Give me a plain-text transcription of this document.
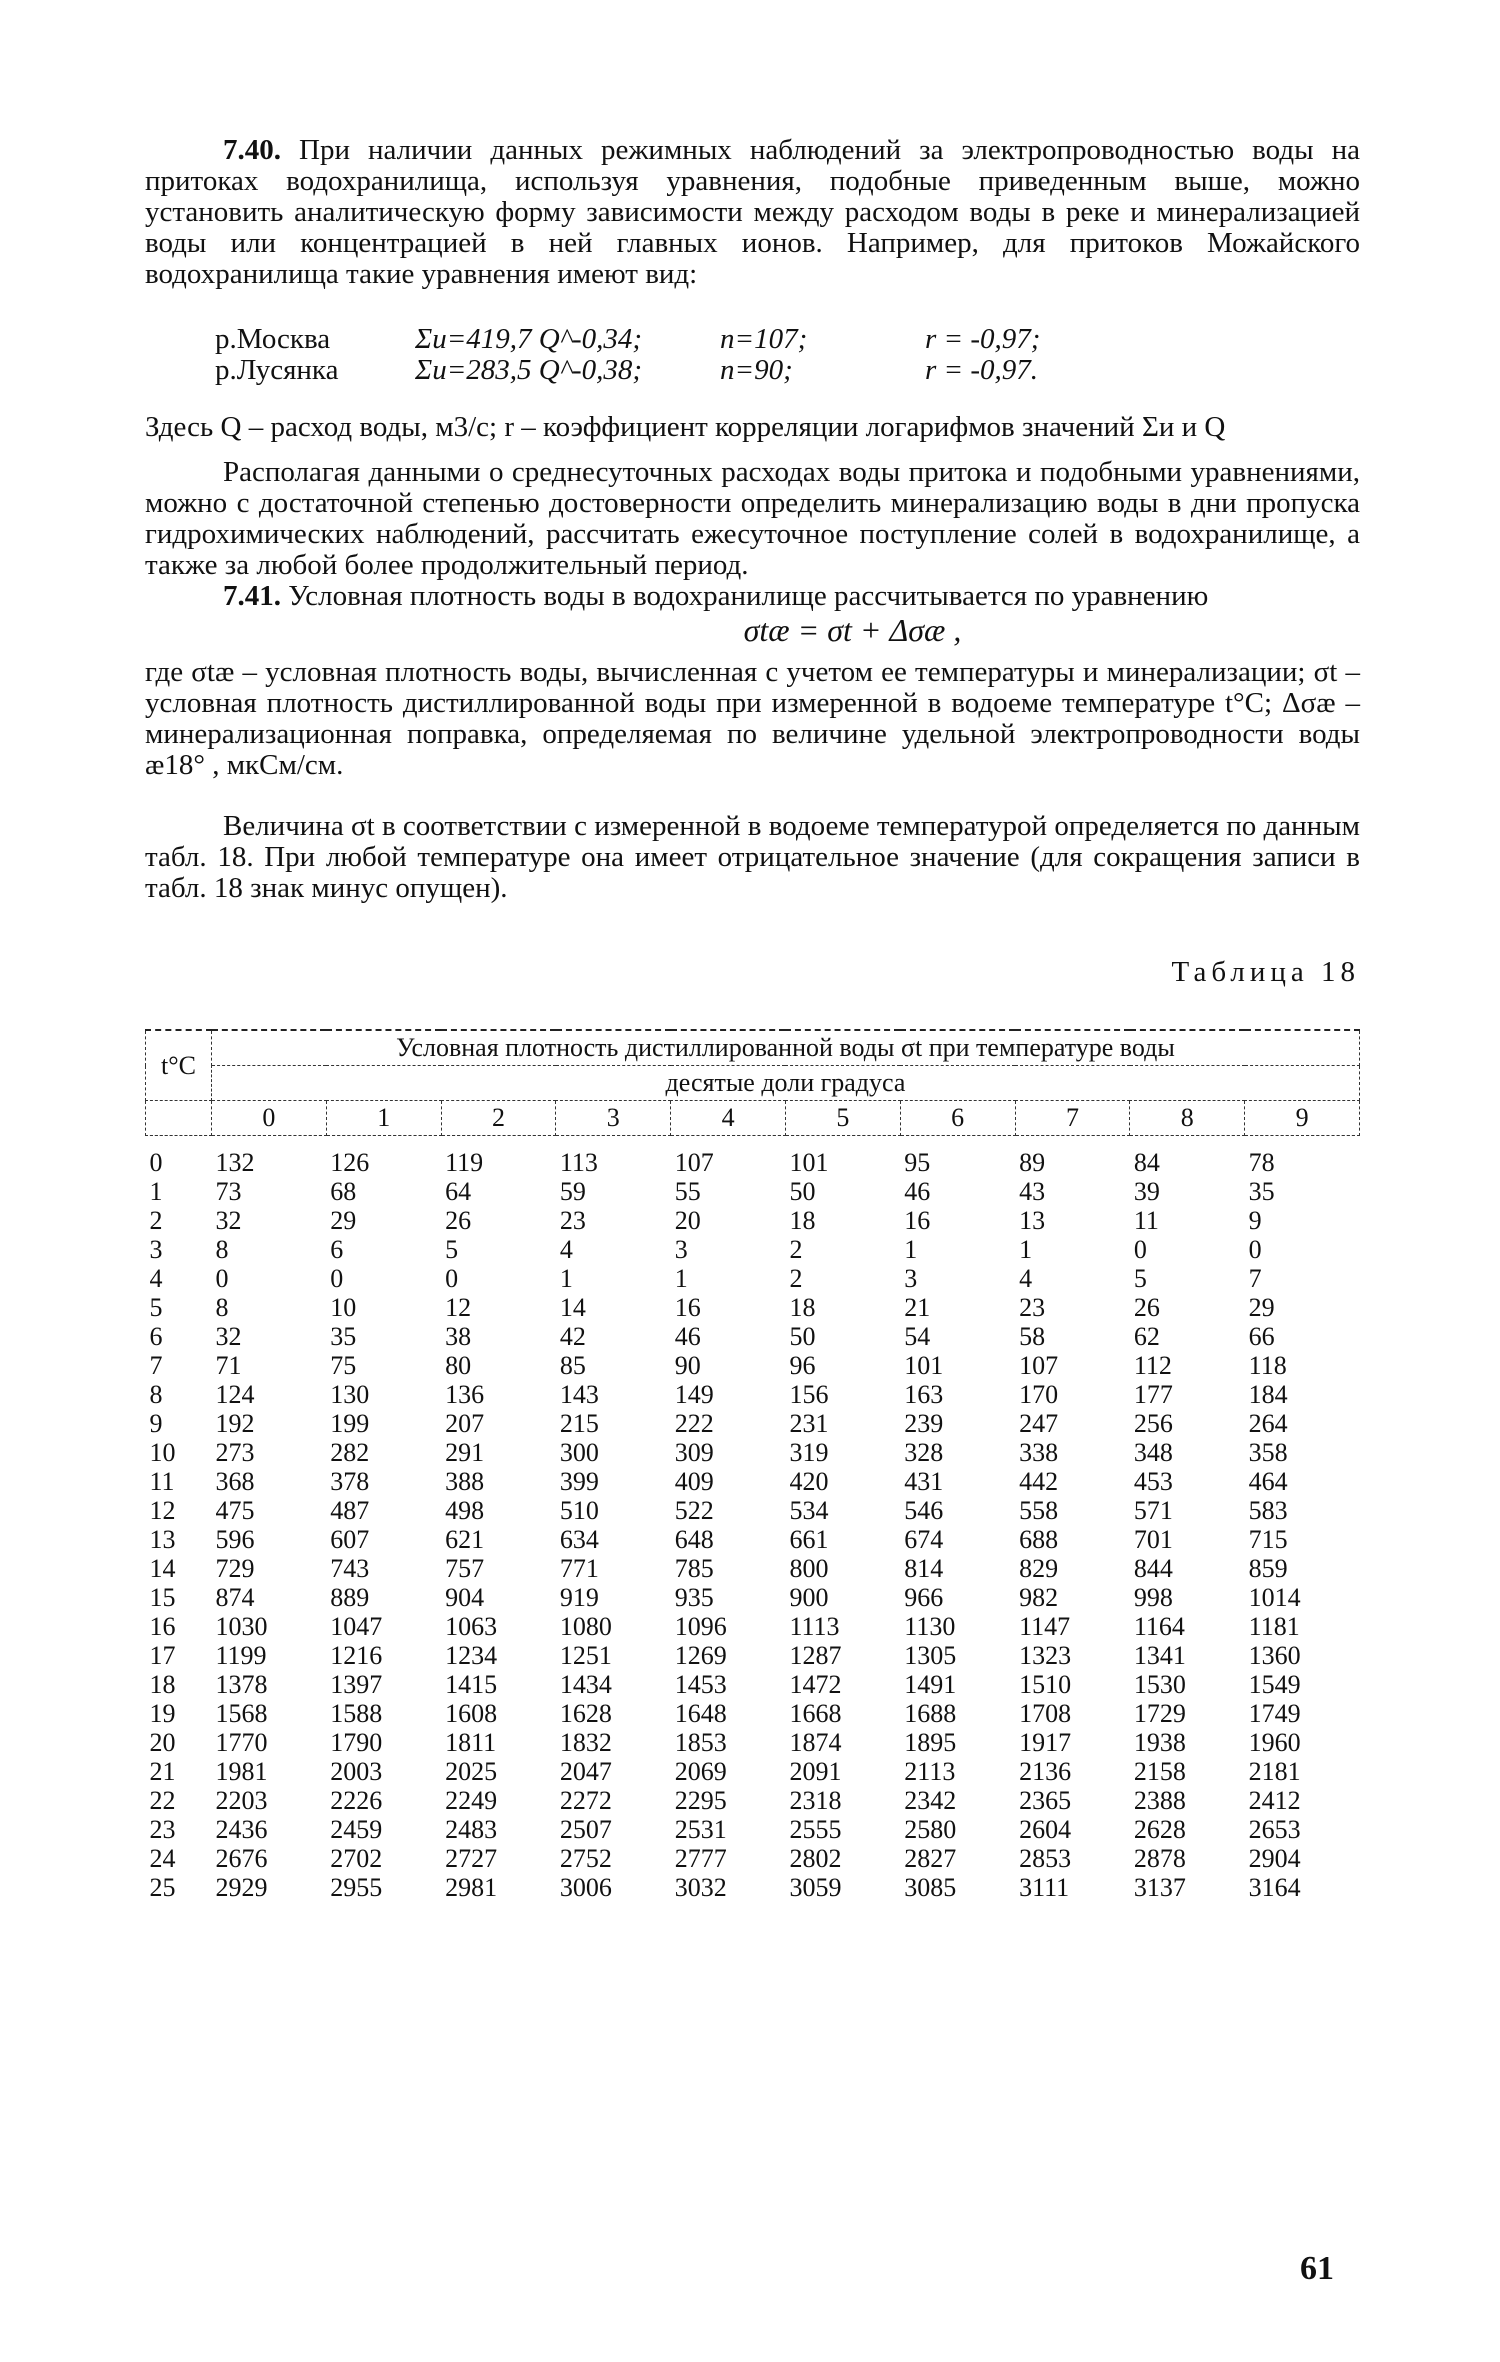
7.40. При наличии данных режимных наблюдений за электропроводностью воды на притоках водохранилища, используя уравнения, подобные приведенным выше, можно установить аналитическую форму зависимости между расходом воды в реке и минерализацией воды или концентрацией в ней главных ионов. Например, для притоков Можайского водохранилища такие уравнения имеют вид:

р.Москва	Σи=419,7 Q^-0,34;	n=107;	r = -0,97;
р.Лусянка	Σи=283,5 Q^-0,38;	n=90;	r = -0,97.

Здесь Q – расход воды, м3/с; r – коэффициент корреляции логарифмов значений Σи и Q

Располагая данными о среднесуточных расходах воды притока и подобными уравнениями, можно с достаточной степенью достоверности определить минерализацию воды в дни пропуска гидрохимических наблюдений, рассчитать ежесуточное поступление солей в водохранилище, а также за любой более продолжительный период.

7.41. Условная плотность воды в водохранилище рассчитывается по уравнению

σtæ = σt + Δσæ ,

где σtæ – условная плотность воды, вычисленная с учетом ее температуры и минерализации; σt – условная плотность дистиллированной воды при измеренной в водоеме температуре t°C; Δσæ – минерализационная поправка, определяемая по величине удельной электропроводности воды æ18° , мкСм/см.

Величина σt в соответствии с измеренной в водоеме температурой определяется по данным табл. 18. При любой температуре она имеет отрицательное значение (для сокращения записи в табл. 18 знак минус опущен).

Таблица 18
t°C	Условная плотность дистиллированной воды σt при температуре воды									
	десятые доли градуса									
	0	1	2	3	4	5	6	7	8	9
0	132	126	119	113	107	101	95	89	84	78
1	73	68	64	59	55	50	46	43	39	35
2	32	29	26	23	20	18	16	13	11	9
3	8	6	5	4	3	2	1	1	0	0
4	0	0	0	1	1	2	3	4	5	7
5	8	10	12	14	16	18	21	23	26	29
6	32	35	38	42	46	50	54	58	62	66
7	71	75	80	85	90	96	101	107	112	118
8	124	130	136	143	149	156	163	170	177	184
9	192	199	207	215	222	231	239	247	256	264
10	273	282	291	300	309	319	328	338	348	358
11	368	378	388	399	409	420	431	442	453	464
12	475	487	498	510	522	534	546	558	571	583
13	596	607	621	634	648	661	674	688	701	715
14	729	743	757	771	785	800	814	829	844	859
15	874	889	904	919	935	900	966	982	998	1014
16	1030	1047	1063	1080	1096	1113	1130	1147	1164	1181
17	1199	1216	1234	1251	1269	1287	1305	1323	1341	1360
18	1378	1397	1415	1434	1453	1472	1491	1510	1530	1549
19	1568	1588	1608	1628	1648	1668	1688	1708	1729	1749
20	1770	1790	1811	1832	1853	1874	1895	1917	1938	1960
21	1981	2003	2025	2047	2069	2091	2113	2136	2158	2181
22	2203	2226	2249	2272	2295	2318	2342	2365	2388	2412
23	2436	2459	2483	2507	2531	2555	2580	2604	2628	2653
24	2676	2702	2727	2752	2777	2802	2827	2853	2878	2904
25	2929	2955	2981	3006	3032	3059	3085	3111	3137	3164
61
